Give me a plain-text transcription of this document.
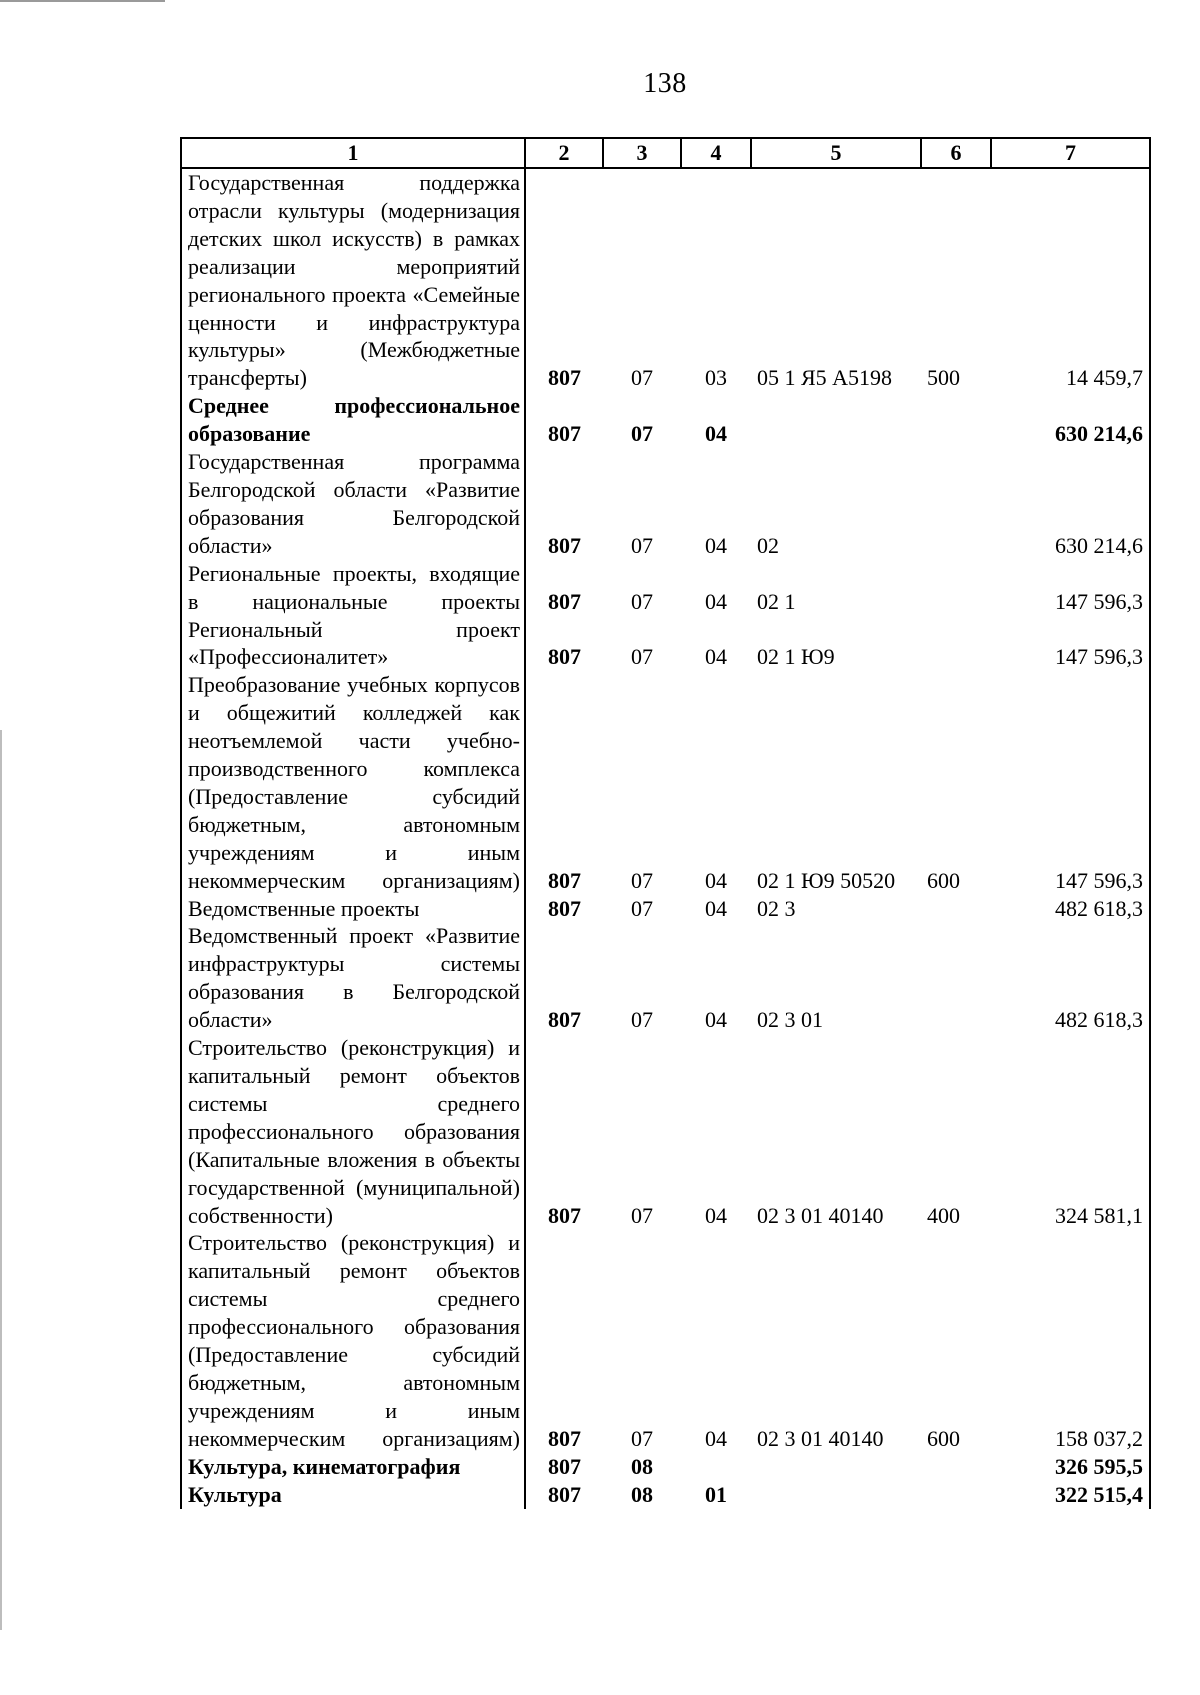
138
1	2	3	4	5	6	7
Государственная поддержка отрасли культуры (модернизация детских школ искусств) в рамках реализации мероприятий регионального проекта «Семейные ценности и инфраструктура культуры» (Межбюджетные трансферты)	807	07	03	05 1 Я5 А5198	500	14 459,7
Среднее профессиональное образование	807	07	04			630 214,6
Государственная программа Белгородской области «Развитие образования Белгородской области»	807	07	04	02		630 214,6
Региональные проекты, входящие в национальные проекты	807	07	04	02 1		147 596,3
Региональный проект «Профессионалитет»	807	07	04	02 1 Ю9		147 596,3
Преобразование учебных корпусов и общежитий колледжей как неотъемлемой части учебно-производственного комплекса (Предоставление субсидий бюджетным, автономным учреждениям и иным некоммерческим организациям)	807	07	04	02 1 Ю9 50520	600	147 596,3
Ведомственные проекты	807	07	04	02 3		482 618,3
Ведомственный проект «Развитие инфраструктуры системы образования в Белгородской области»	807	07	04	02 3 01		482 618,3
Строительство (реконструкция) и капитальный ремонт объектов системы среднего профессионального образования (Капитальные вложения в объекты государственной (муниципальной) собственности)	807	07	04	02 3 01 40140	400	324 581,1
Строительство (реконструкция) и капитальный ремонт объектов системы среднего профессионального образования (Предоставление субсидий бюджетным, автономным учреждениям и иным некоммерческим организациям)	807	07	04	02 3 01 40140	600	158 037,2
Культура, кинематография	807	08				326 595,5
Культура	807	08	01			322 515,4
